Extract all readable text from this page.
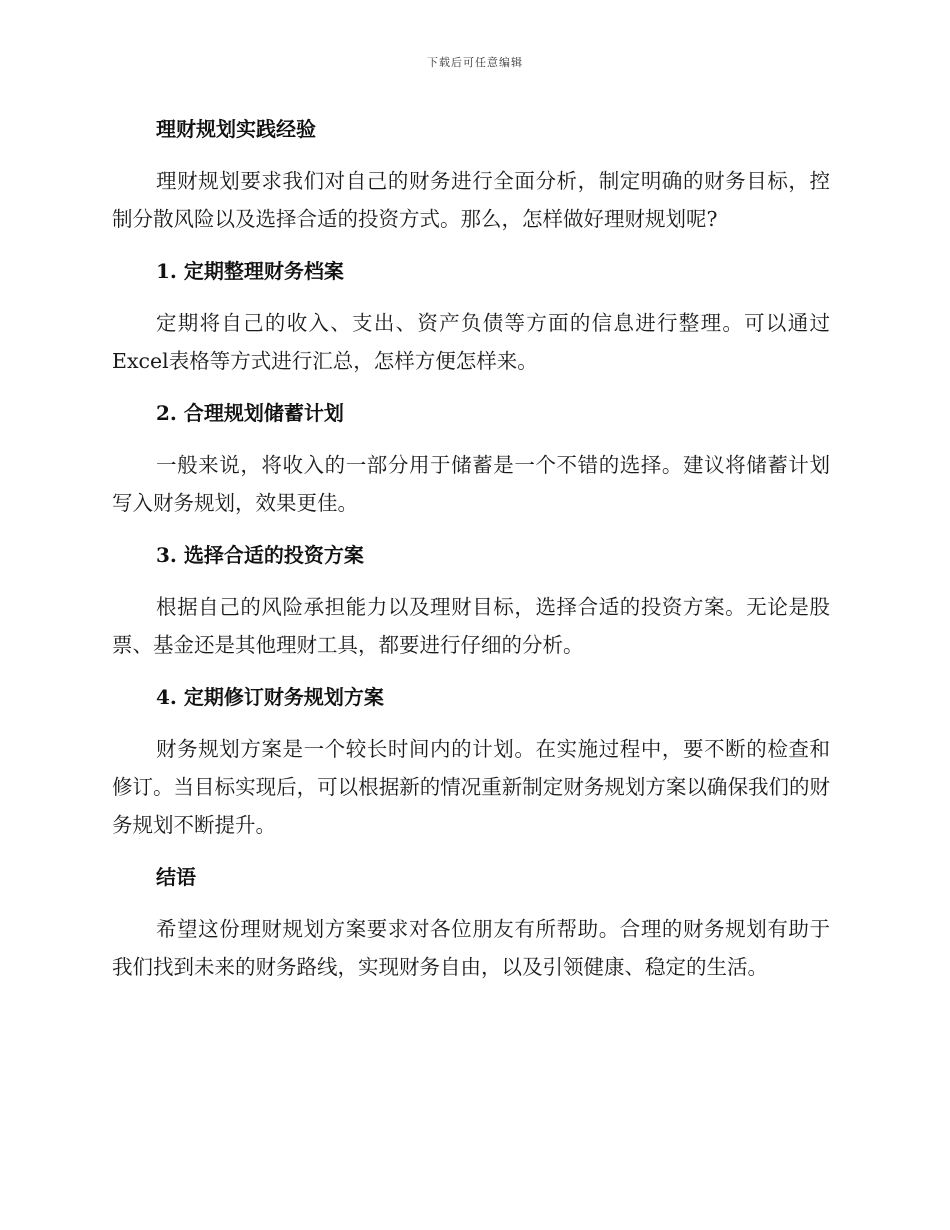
下载后可任意编辑
理财规划实践经验

理财规划要求我们对自己的财务进行全面分析，制定明确的财务目标，控制分散风险以及选择合适的投资方式。那么，怎样做好理财规划呢?

1. 定期整理财务档案

定期将自己的收入、支出、资产负债等方面的信息进行整理。可以通过Excel表格等方式进行汇总，怎样方便怎样来。

2. 合理规划储蓄计划

一般来说，将收入的一部分用于储蓄是一个不错的选择。建议将储蓄计划写入财务规划，效果更佳。

3. 选择合适的投资方案

根据自己的风险承担能力以及理财目标，选择合适的投资方案。无论是股票、基金还是其他理财工具，都要进行仔细的分析。

4. 定期修订财务规划方案

财务规划方案是一个较长时间内的计划。在实施过程中，要不断的检查和修订。当目标实现后，可以根据新的情况重新制定财务规划方案以确保我们的财务规划不断提升。

结语

希望这份理财规划方案要求对各位朋友有所帮助。合理的财务规划有助于我们找到未来的财务路线，实现财务自由，以及引领健康、稳定的生活。
